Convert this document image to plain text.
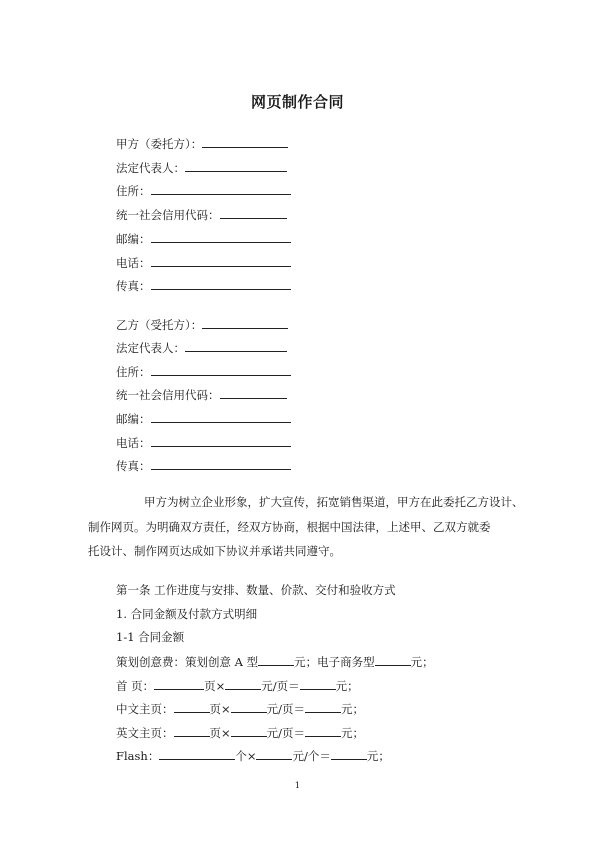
网页制作合同
甲方（委托方）：
法定代表人：
住所：
统一社会信用代码：
邮编：
电话：
传真：
乙方（受托方）：
法定代表人：
住所：
统一社会信用代码：
邮编：
电话：
传真：
甲方为树立企业形象，扩大宣传，拓宽销售渠道，甲方在此委托乙方设计、
制作网页。为明确双方责任，经双方协商，根据中国法律，上述甲、乙双方就委
托设计、制作网页达成如下协议并承诺共同遵守。
第一条 工作进度与安排、数量、价款、交付和验收方式
1. 合同金额及付款方式明细
1-1 合同金额
策划创意费：策划创意 A 型	元；电子商务型	元；
首 页：	页×	元/页＝	元；
中文主页：	页×	元/页＝	元；
英文主页：	页×	元/页＝	元；
Flash：	个×	元/个＝	元；
1
